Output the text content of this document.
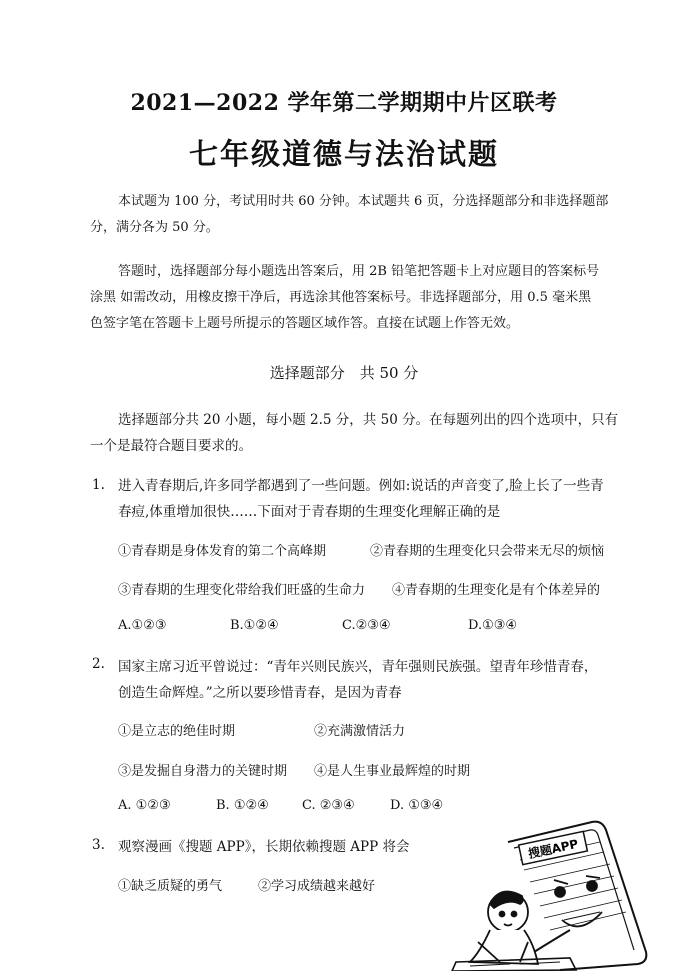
2021—2022 学年第二学期期中片区联考
七年级道德与法治试题
本试题为 100 分，考试用时共 60 分钟。本试题共 6 页，分选择题部分和非选择题部
分，满分各为 50 分。
答题时，选择题部分每小题选出答案后，用 2B 铅笔把答题卡上对应题目的答案标号
涂黑 如需改动，用橡皮擦干净后，再选涂其他答案标号。非选择题部分，用 0.5 毫米黑
色签字笔在答题卡上题号所提示的答题区域作答。直接在试题上作答无效。
选择题部分　共 50 分
选择题部分共 20 小题，每小题 2.5 分，共 50 分。在每题列出的四个选项中，只有
一个是最符合题目要求的。
1. 进入青春期后,许多同学都遇到了一些问题。例如:说话的声音变了,脸上长了一些青
春痘,体重增加很快……下面对于青春期的生理变化理解正确的是
①青春期是身体发育的第二个高峰期	②青春期的生理变化只会带来无尽的烦恼
③青春期的生理变化带给我们旺盛的生命力 ④青春期的生理变化是有个体差异的
A.①②③	B.①②④	C.②③④	D.①③④
2. 国家主席习近平曾说过：“青年兴则民族兴，青年强则民族强。望青年珍惜青春，
创造生命辉煌。”之所以要珍惜青春，是因为青春
①是立志的绝佳时期	②充满激情活力
③是发掘自身潜力的关键时期 ④是人生事业最辉煌的时期
A. ①②③	B. ①②④	C. ②③④	D. ①③④
3. 观察漫画《搜题 APP》，长期依赖搜题 APP 将会
①缺乏质疑的勇气	②学习成绩越来越好
搜题APP
